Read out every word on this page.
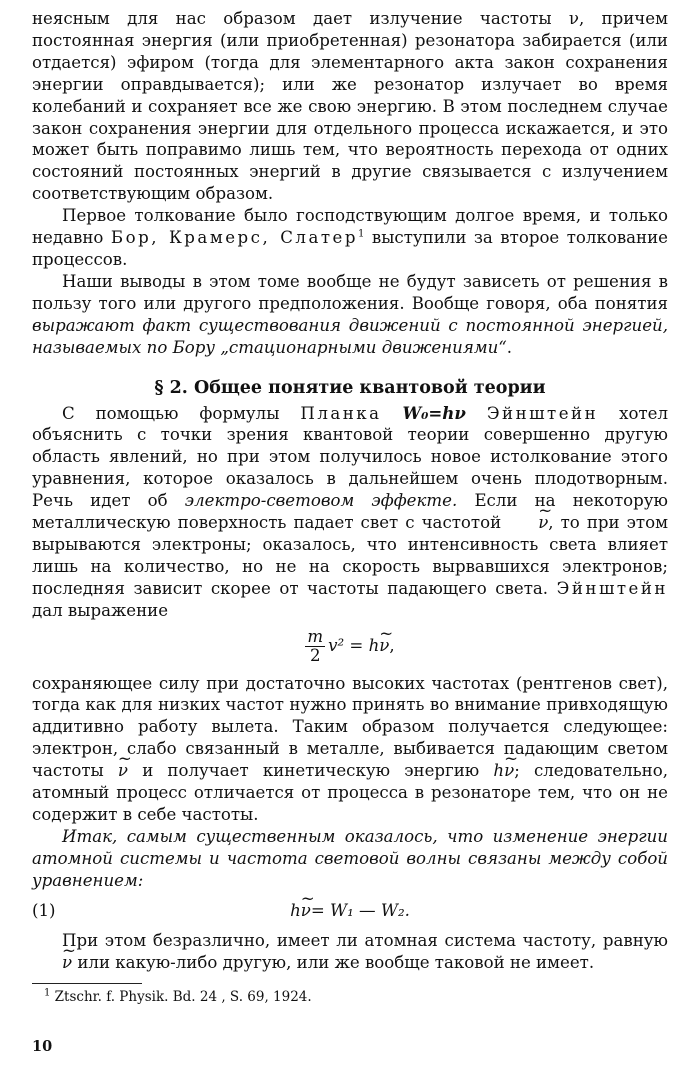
неясным для нас образом дает излучение частоты ν, причем постоянная энергия (или приобретенная) резонатора забирается (или отдается) эфиром (тогда для элементарного акта закон сохранения энергии оправдывается); или же резонатор излучает во время колебаний и сохраняет все же свою энергию. В этом последнем случае закон сохранения энергии для отдельного процесса искажается, и это может быть поправимо лишь тем, что вероятность перехода от одних состояний постоянных энергий в другие связывается с излучением соответствующим образом.

Первое толкование было господствующим долгое время, и только недавно Бор, Крамерс, Слатер$^1$ выступили за второе толкование процессов.

Наши выводы в этом томе вообще не будут зависеть от решения в пользу того или другого предположения. Вообще говоря, оба понятия выражают факт существования движений с постоянной энергией, называемых по Бору „стационарными движениями“.

§ 2. Общее понятие квантовой теории

С помощью формулы Планка W₀=hν Эйнштейн хотел объяснить с точки зрения квантовой теории совершенно другую область явлений, но при этом получилось новое истолкование этого уравнения, которое оказалось в дальнейшем очень плодотворным. Речь идет об электро-световом эффекте. Если на некоторую металлическую поверхность падает свет с частотой ~ ν, то при этом вырываются электроны; оказалось, что интенсивность света влияет лишь на количество, но не на скорость вырвавшихся электронов; последняя зависит скорее от частоты падающего света. Эйнштейн дал выражение

$\frac{m}{2} v^2$ = h~ ν,

сохраняющее силу при достаточно высоких частотах (рентгенов свет), тогда как для низких частот нужно принять во внимание привходящую аддитивно работу вылета. Таким образом получается следующее: электрон, слабо связанный в металле, выбивается падающим светом частоты ~ ν и получает кинетическую энергию h~ ν; следовательно, атомный процесс отличается от процесса в резонаторе тем, что он не содержит в себе частоты.

Итак, самым существенным оказалось, что изменение энергии атомной системы и частота световой волны связаны между собой уравнением:

(1)	h~ ν= W₁ — W₂.

При этом безразлично, имеет ли атомная система частоту, равную ~ ν или какую-либо другую, или же вообще таковой не имеет.

$^1$ Ztschr. f. Physik. Bd. 24 , S. 69, 1924.

10
